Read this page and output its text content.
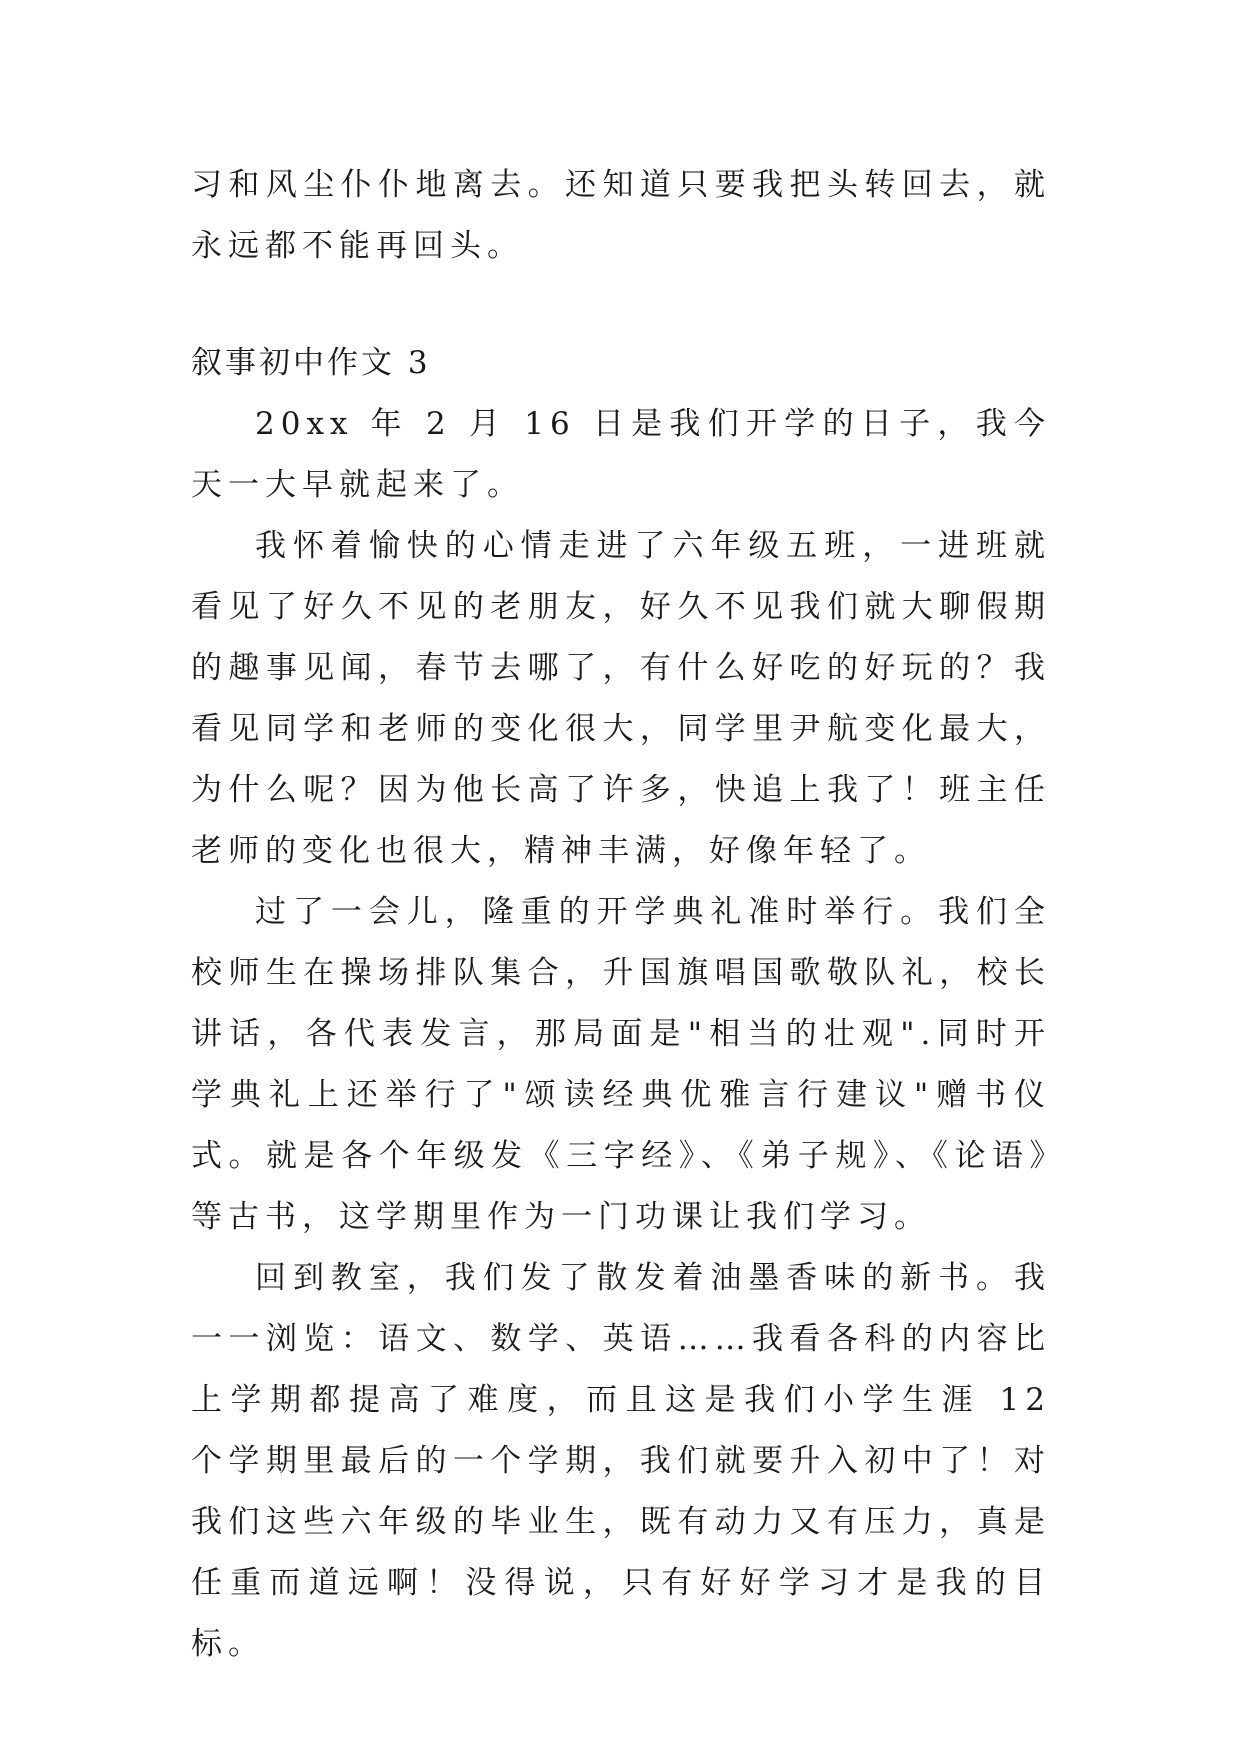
习和风尘仆仆地离去。还知道只要我把头转回去，就永远都不能再回头。

叙事初中作文 3

20xx 年 2 月 16 日是我们开学的日子，我今天一大早就起来了。

我怀着愉快的心情走进了六年级五班，一进班就看见了好久不见的老朋友，好久不见我们就大聊假期的趣事见闻，春节去哪了，有什么好吃的好玩的？我看见同学和老师的变化很大，同学里尹航变化最大，为什么呢？因为他长高了许多，快追上我了！班主任老师的变化也很大，精神丰满，好像年轻了。

过了一会儿，隆重的开学典礼准时举行。我们全校师生在操场排队集合，升国旗唱国歌敬队礼，校长讲话，各代表发言，那局面是"相当的壮观".同时开学典礼上还举行了"颂读经典优雅言行建议"赠书仪式。就是各个年级发《三字经》、《弟子规》、《论语》等古书，这学期里作为一门功课让我们学习。

回到教室，我们发了散发着油墨香味的新书。我一一浏览：语文、数学、英语……我看各科的内容比上学期都提高了难度，而且这是我们小学生涯 12 个学期里最后的一个学期，我们就要升入初中了！对我们这些六年级的毕业生，既有动力又有压力，真是任重而道远啊！没得说，只有好好学习才是我的目标。
